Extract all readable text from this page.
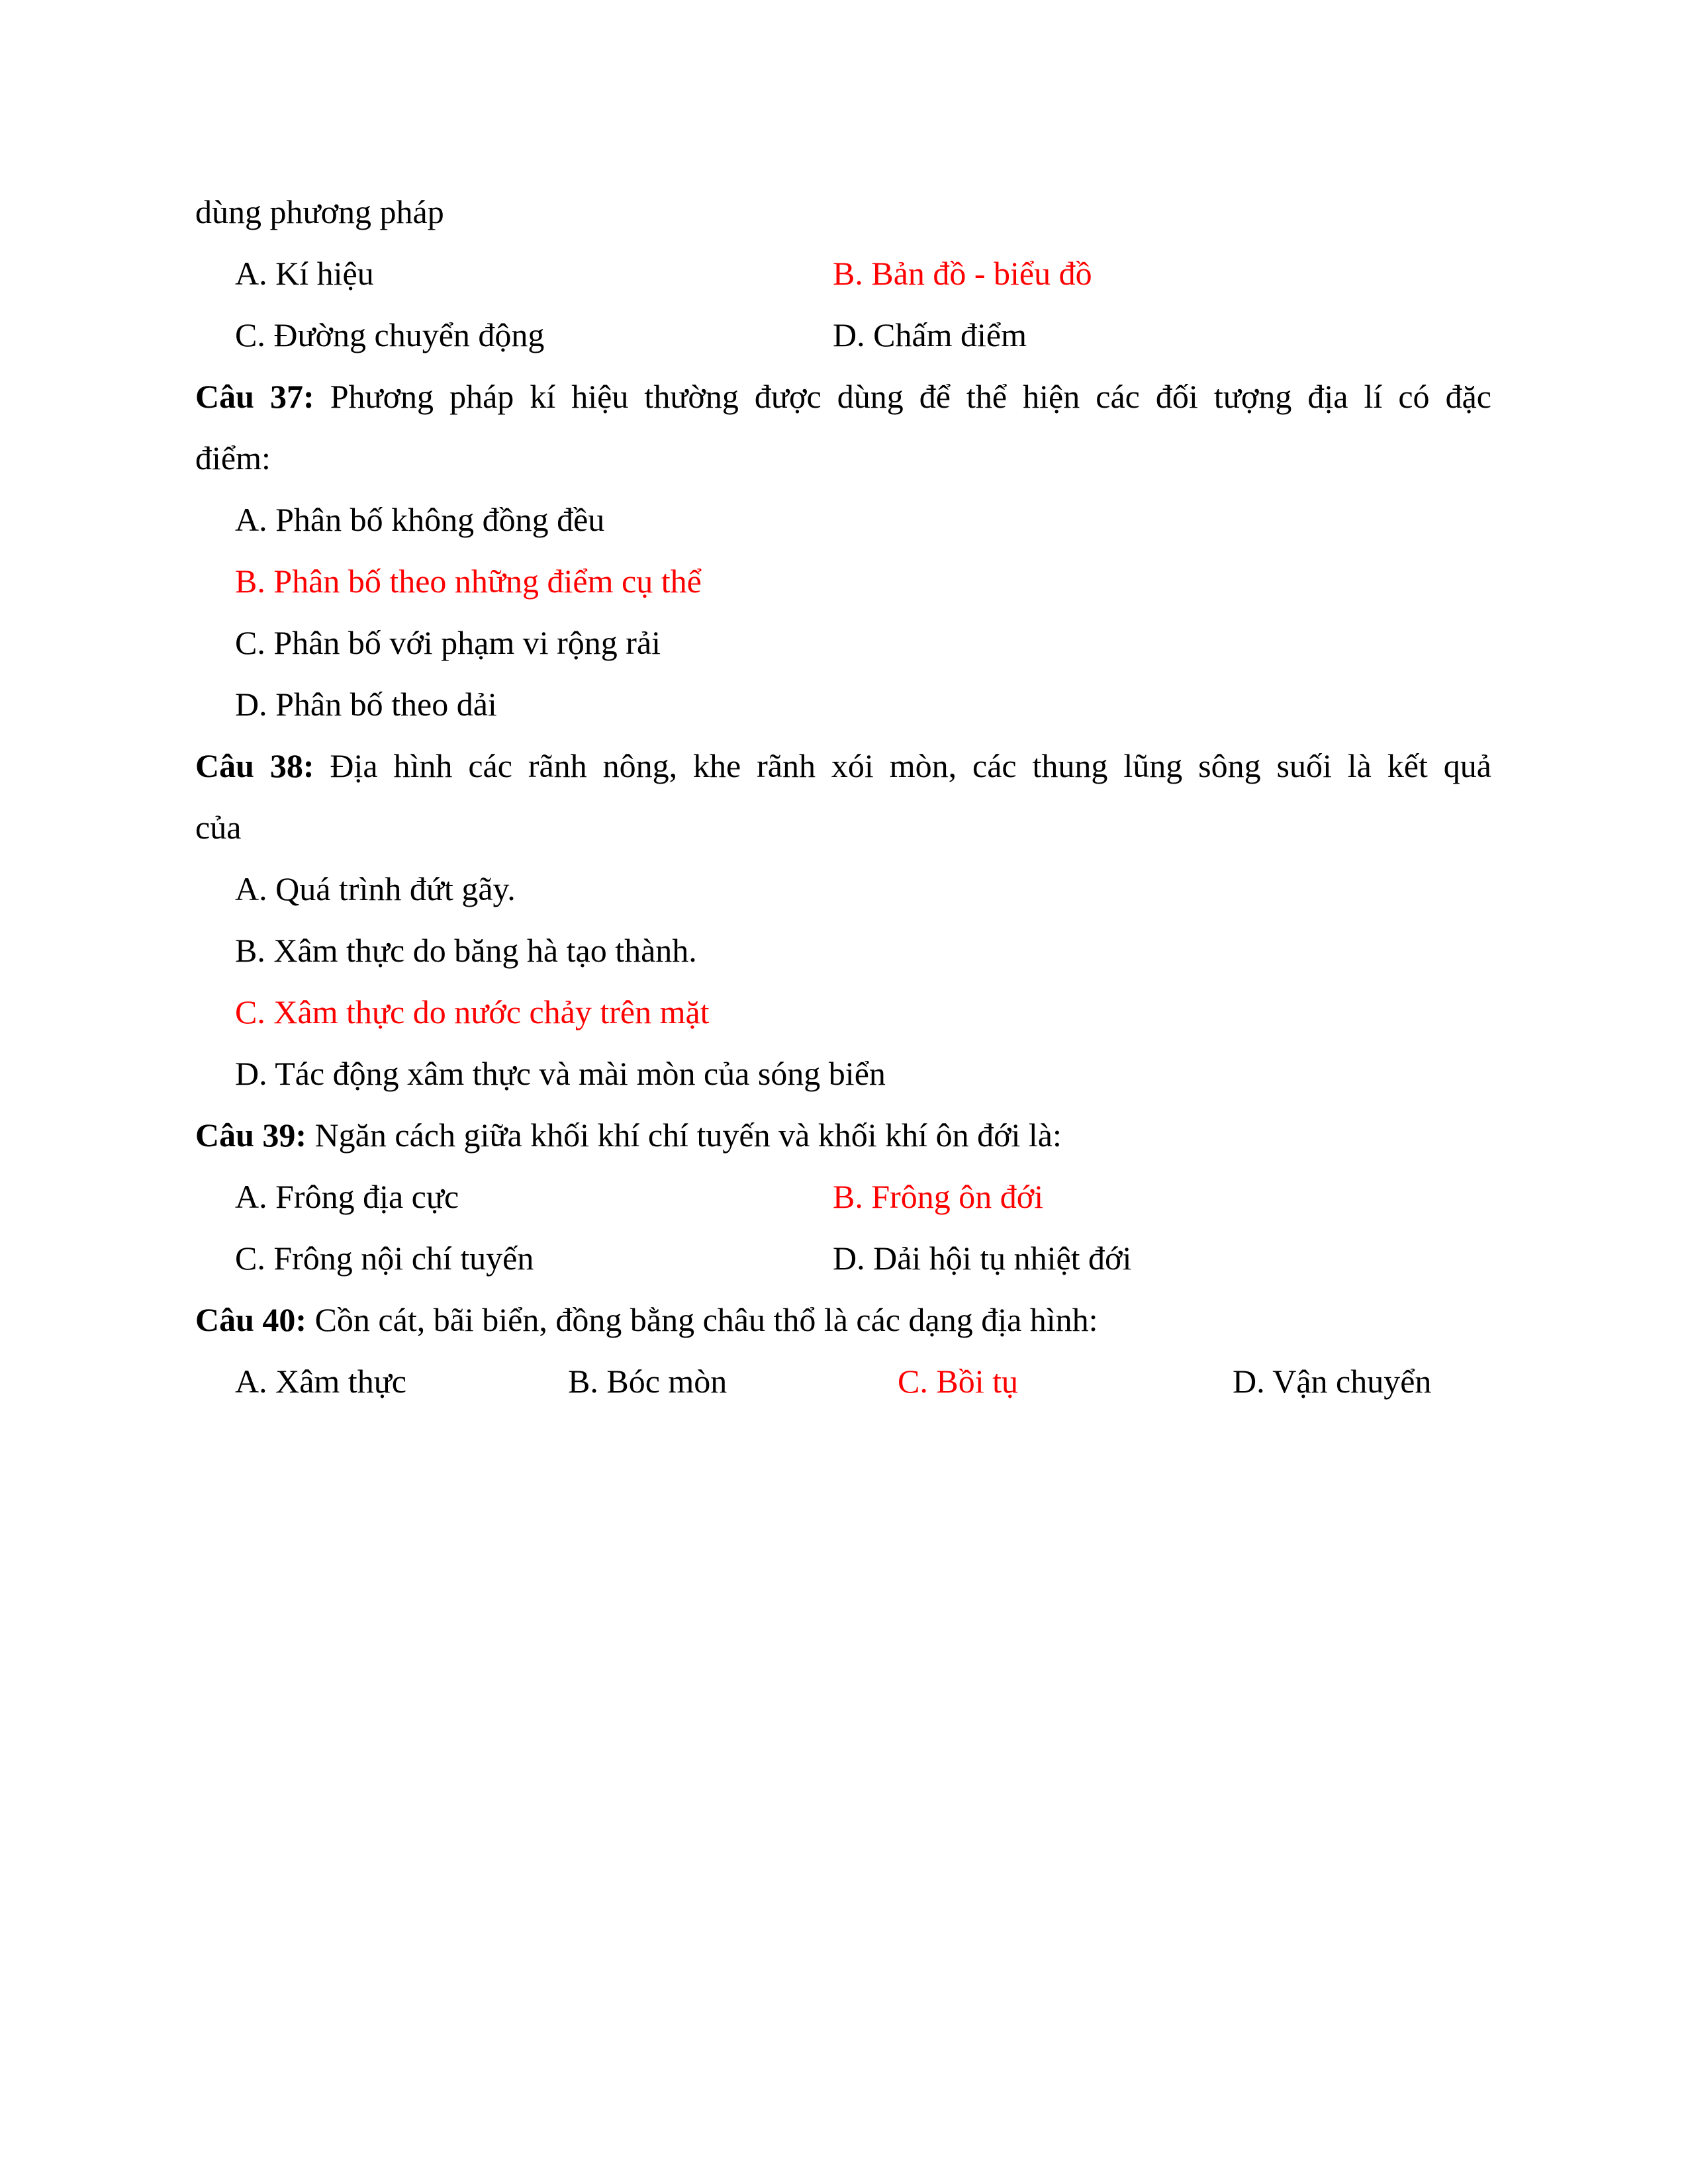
dùng phương pháp
A. Kí hiệu	B. Bản đồ - biểu đồ
C. Đường chuyển động	D. Chấm điểm
Câu 37: Phương pháp kí hiệu thường được dùng để thể hiện các đối tượng địa lí có đặc
điểm:
A. Phân bố không đồng đều
B. Phân bố theo những điểm cụ thể
C. Phân bố với phạm vi rộng rải
D. Phân bố theo dải
Câu 38: Địa hình các rãnh nông, khe rãnh xói mòn, các thung lũng sông suối là kết quả
của
A. Quá trình đứt gãy.
B. Xâm thực do băng hà tạo thành.
C. Xâm thực do nước chảy trên mặt
D. Tác động xâm thực và mài mòn của sóng biển
Câu 39: Ngăn cách giữa khối khí chí tuyến và khối khí ôn đới là:
A. Frông địa cực	B. Frông ôn đới
C. Frông nội chí tuyến	D. Dải hội tụ nhiệt đới
Câu 40: Cồn cát, bãi biển, đồng bằng châu thổ là các dạng địa hình:
A. Xâm thực	B. Bóc mòn	C. Bồi tụ	D. Vận chuyển
